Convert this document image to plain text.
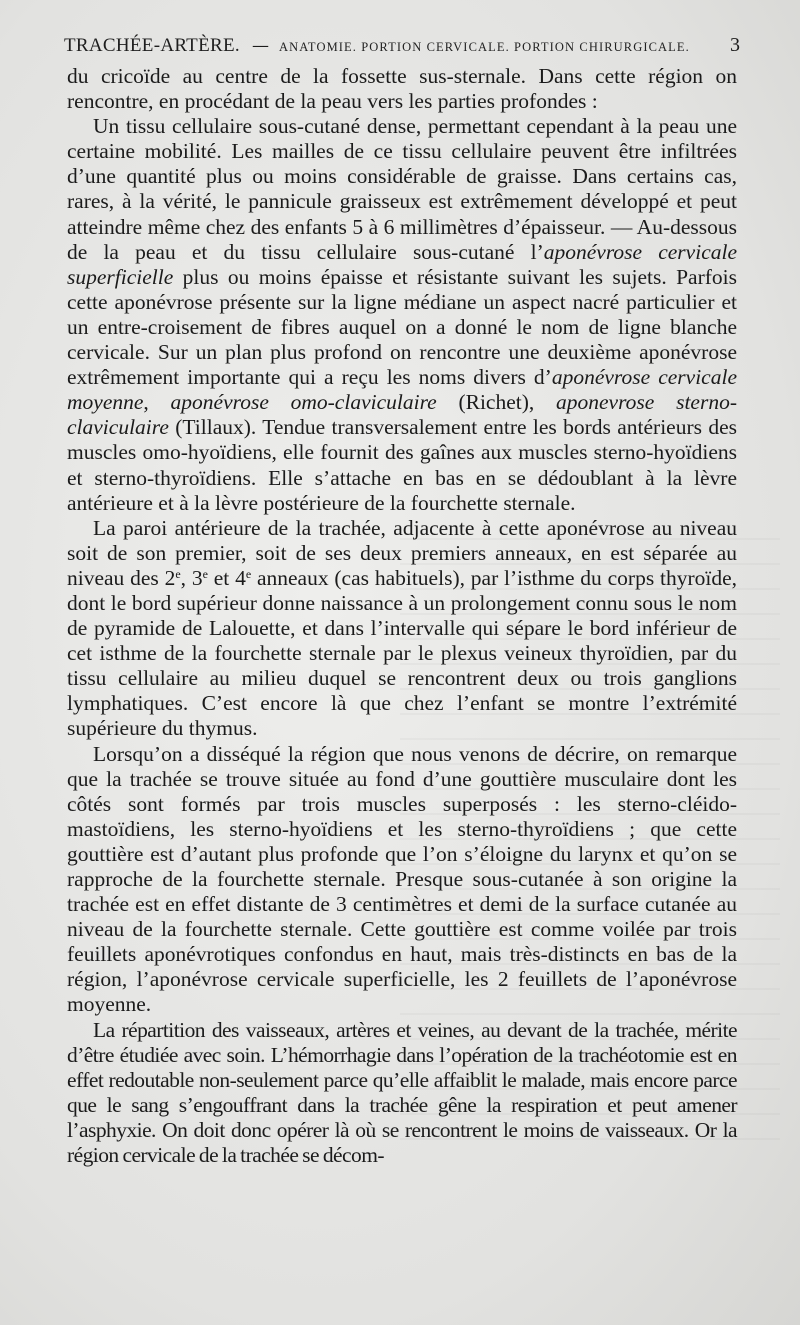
TRACHÉE-ARTÈRE. — ANATOMIE. PORTION CERVICALE. PORTION CHIRURGICALE.	3

du cricoïde au centre de la fossette sus-sternale. Dans cette région on rencontre, en procédant de la peau vers les parties profondes :

Un tissu cellulaire sous-cutané dense, permettant cependant à la peau une certaine mobilité. Les mailles de ce tissu cellulaire peuvent être infiltrées d’une quantité plus ou moins considérable de graisse. Dans certains cas, rares, à la vérité, le pannicule graisseux est extrêmement développé et peut atteindre même chez des enfants 5 à 6 millimètres d’épaisseur. — Au-dessous de la peau et du tissu cellulaire sous-cutané l’aponévrose cervicale superficielle plus ou moins épaisse et résistante suivant les sujets. Parfois cette aponévrose présente sur la ligne médiane un aspect nacré particulier et un entre-croisement de fibres auquel on a donné le nom de ligne blanche cervicale. Sur un plan plus profond on rencontre une deuxième aponévrose extrêmement importante qui a reçu les noms divers d’aponévrose cervicale moyenne, aponévrose omo-claviculaire (Richet), aponevrose sterno-claviculaire (Tillaux). Tendue transversalement entre les bords antérieurs des muscles omo-hyoïdiens, elle fournit des gaînes aux muscles sterno-hyoïdiens et sterno-thyroïdiens. Elle s’attache en bas en se dédoublant à la lèvre antérieure et à la lèvre postérieure de la fourchette sternale.

La paroi antérieure de la trachée, adjacente à cette aponévrose au niveau soit de son premier, soit de ses deux premiers anneaux, en est séparée au niveau des 2e, 3e et 4e anneaux (cas habituels), par l’isthme du corps thyroïde, dont le bord supérieur donne naissance à un prolongement connu sous le nom de pyramide de Lalouette, et dans l’intervalle qui sépare le bord inférieur de cet isthme de la fourchette sternale par le plexus veineux thyroïdien, par du tissu cellulaire au milieu duquel se rencontrent deux ou trois ganglions lymphatiques. C’est encore là que chez l’enfant se montre l’extrémité supérieure du thymus.

Lorsqu’on a disséqué la région que nous venons de décrire, on remarque que la trachée se trouve située au fond d’une gouttière musculaire dont les côtés sont formés par trois muscles superposés : les sterno-cléido-mastoïdiens, les sterno-hyoïdiens et les sterno-thyroïdiens ; que cette gouttière est d’autant plus profonde que l’on s’éloigne du larynx et qu’on se rapproche de la fourchette sternale. Presque sous-cutanée à son origine la trachée est en effet distante de 3 centimètres et demi de la surface cutanée au niveau de la fourchette sternale. Cette gouttière est comme voilée par trois feuillets aponévrotiques confondus en haut, mais très-distincts en bas de la région, l’aponévrose cervicale superficielle, les 2 feuillets de l’aponévrose moyenne.

La répartition des vaisseaux, artères et veines, au devant de la trachée, mérite d’être étudiée avec soin. L’hémorrhagie dans l’opération de la trachéotomie est en effet redoutable non-seulement parce qu’elle affaiblit le malade, mais encore parce que le sang s’engouffrant dans la trachée gêne la respiration et peut amener l’asphyxie. On doit donc opérer là où se rencontrent le moins de vaisseaux. Or la région cervicale de la trachée se décom-
